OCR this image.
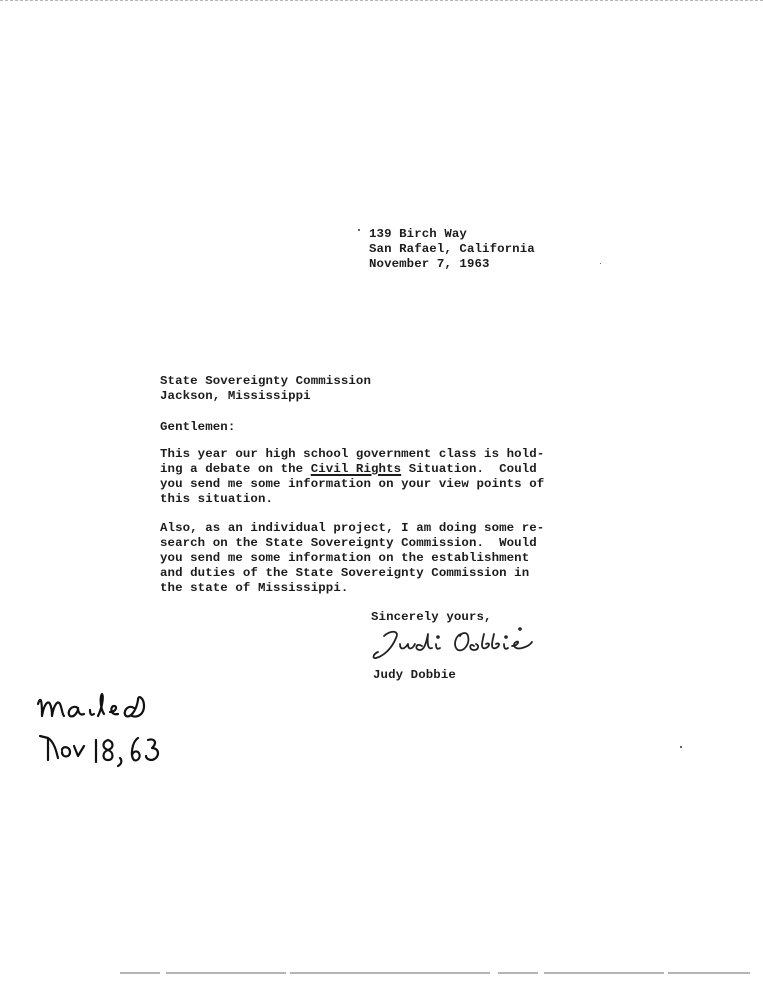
139 Birch Way
San Rafael, California
November 7, 1963
State Sovereignty Commission
Jackson, Mississippi
Gentlemen:
This year our high school government class is hold-
ing a debate on the Civil Rights Situation.  Could
you send me some information on your view points of
this situation.
Also, as an individual project, I am doing some re-
search on the State Sovereignty Commission.  Would
you send me some information on the establishment
and duties of the State Sovereignty Commission in
the state of Mississippi.
Sincerely yours,
Judy Dobbie
